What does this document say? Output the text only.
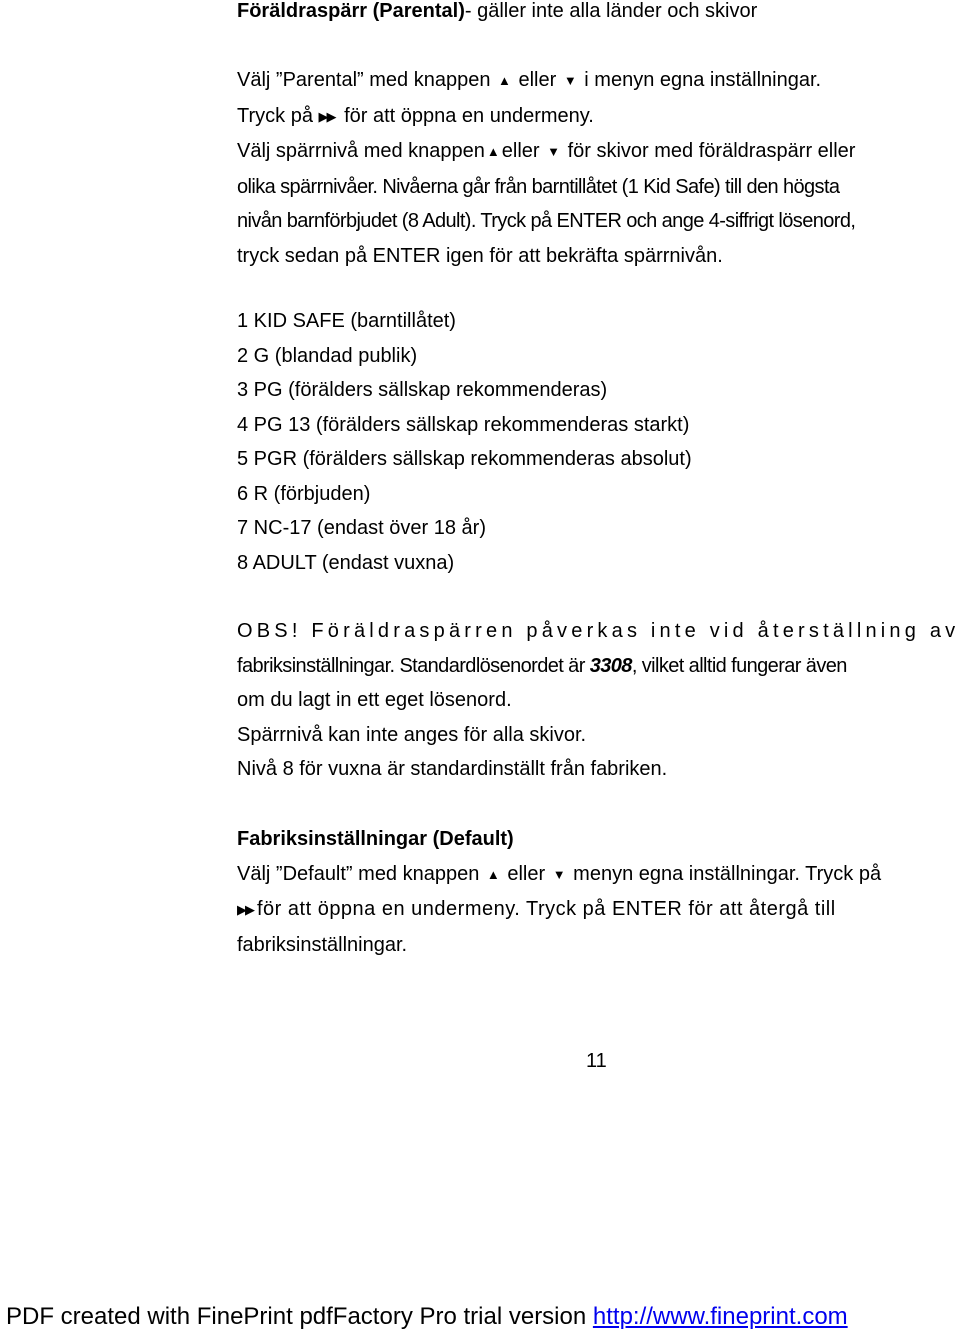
Föräldraspärr (Parental)- gäller inte alla länder och skivor
Välj ”Parental” med knappen ▲ eller ▼ i menyn egna inställningar.
Tryck på ▶▶ för att öppna en undermeny.
Välj spärrnivå med knappen ▲ eller ▼ för skivor med föräldraspärr eller
olika spärrnivåer. Nivåerna går från barntillåtet (1 Kid Safe) till den högsta
nivån barnförbjudet (8 Adult). Tryck på ENTER och ange 4-siffrigt lösenord,
tryck sedan på ENTER igen för att bekräfta spärrnivån.
1 KID SAFE (barntillåtet)
2 G (blandad publik)
3 PG (förälders sällskap rekommenderas)
4 PG 13 (förälders sällskap rekommenderas starkt)
5 PGR (förälders sällskap rekommenderas absolut)
6 R (förbjuden)
7 NC-17 (endast över 18 år)
8 ADULT (endast vuxna)
OBS! Föräldraspärren påverkas inte vid återställning av
fabriksinställningar. Standardlösenordet är 3308, vilket alltid fungerar även
om du lagt in ett eget lösenord.
Spärrnivå kan inte anges för alla skivor.
Nivå 8 för vuxna är standardinställt från fabriken.
Fabriksinställningar (Default)
Välj ”Default” med knappen ▲ eller ▼ menyn egna inställningar. Tryck på
▶▶ för att öppna en undermeny. Tryck på ENTER för att återgå till
fabriksinställningar.
11
PDF created with FinePrint pdfFactory Pro trial version http://www.fineprint.com
